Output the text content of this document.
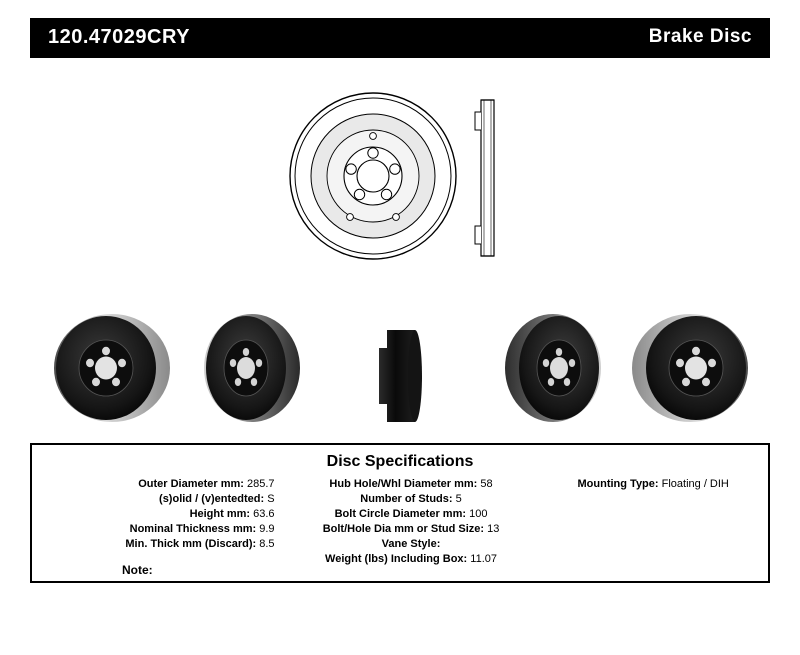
120.47029CRY	Brake Disc
Disc Specifications
Outer Diameter mm: 285.7
(s)olid / (v)entedted: S
Height mm: 63.6
Nominal Thickness mm: 9.9
Min. Thick mm (Discard): 8.5
Hub Hole/Whl Diameter mm: 58
Number of Studs: 5
Bolt Circle Diameter mm: 100
Bolt/Hole Dia mm or Stud Size: 13
Vane Style:
Weight (lbs) Including Box: 11.07
Mounting Type: Floating / DIH
Note:
